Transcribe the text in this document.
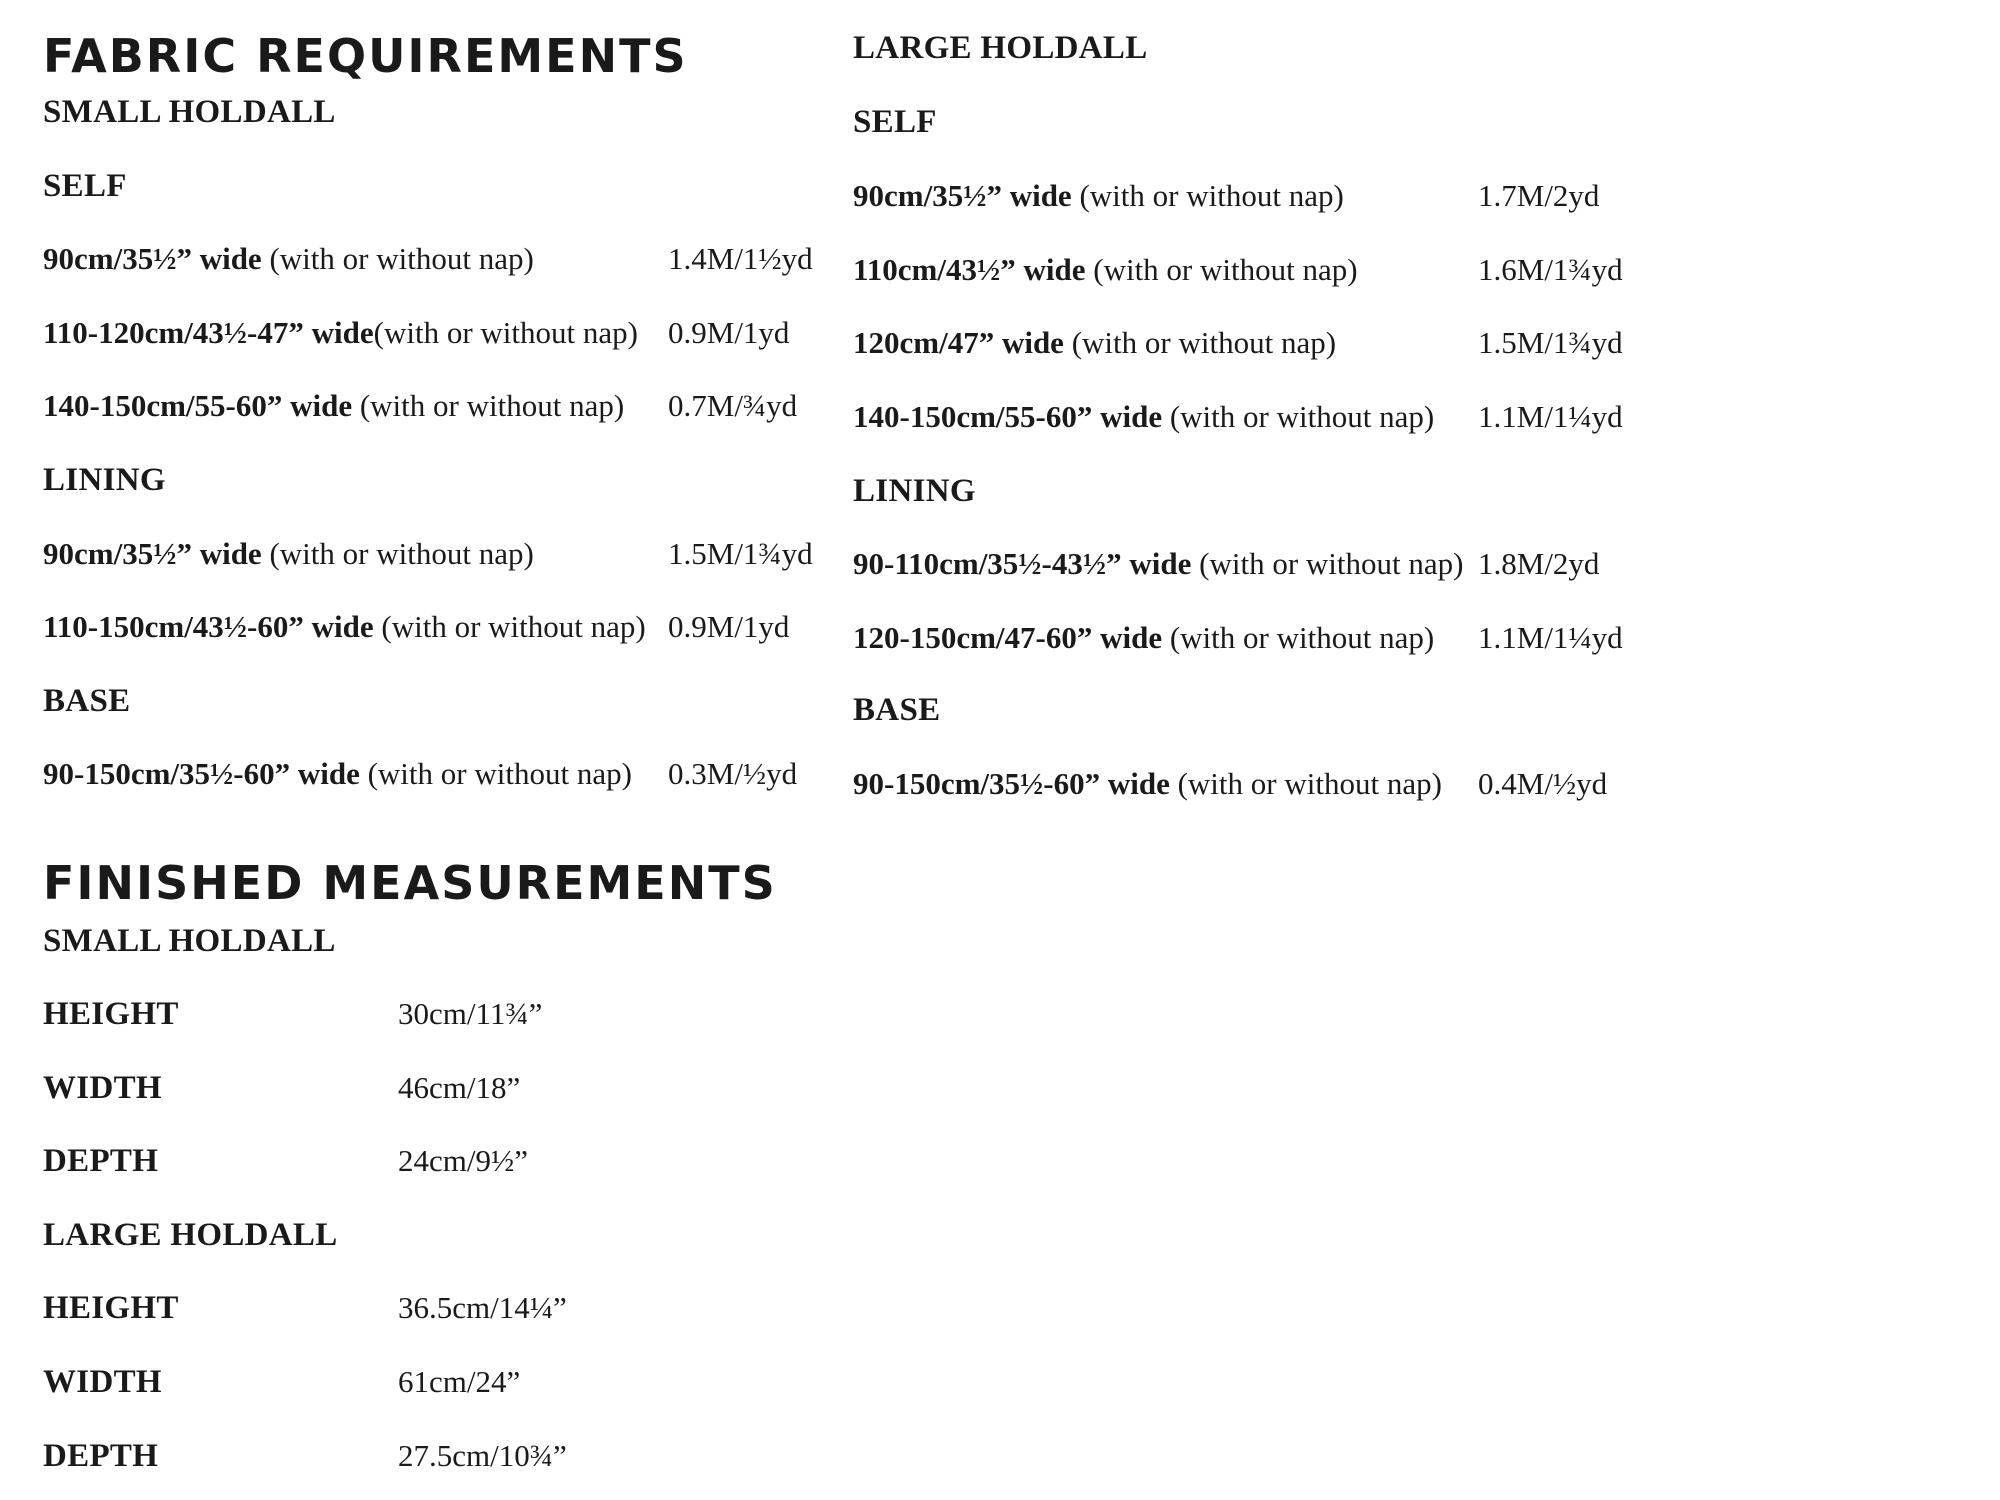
FABRIC REQUIREMENTS
SMALL HOLDALL
SELF
90cm/35½” wide (with or without nap)	1.4M/1½yd
110-120cm/43½-47” wide(with or without nap) 0.9M/1yd
140-150cm/55-60” wide (with or without nap) 0.7M/¾yd
LINING
90cm/35½” wide (with or without nap)	1.5M/1¾yd
110-150cm/43½-60” wide (with or without nap) 0.9M/1yd
BASE
90-150cm/35½-60” wide (with or without nap) 0.3M/½yd
LARGE HOLDALL
SELF
90cm/35½” wide (with or without nap)	1.7M/2yd
110cm/43½” wide (with or without nap)	1.6M/1¾yd
120cm/47” wide (with or without nap)	1.5M/1¾yd
140-150cm/55-60” wide (with or without nap) 1.1M/1¼yd
LINING
90-110cm/35½-43½” wide (with or without nap) 1.8M/2yd
120-150cm/47-60” wide (with or without nap) 1.1M/1¼yd
BASE
90-150cm/35½-60” wide (with or without nap) 0.4M/½yd
FINISHED MEASUREMENTS
SMALL HOLDALL
HEIGHT	30cm/11¾”
WIDTH	46cm/18”
DEPTH	24cm/9½”
LARGE HOLDALL
HEIGHT	36.5cm/14¼”
WIDTH	61cm/24”
DEPTH	27.5cm/10¾”
